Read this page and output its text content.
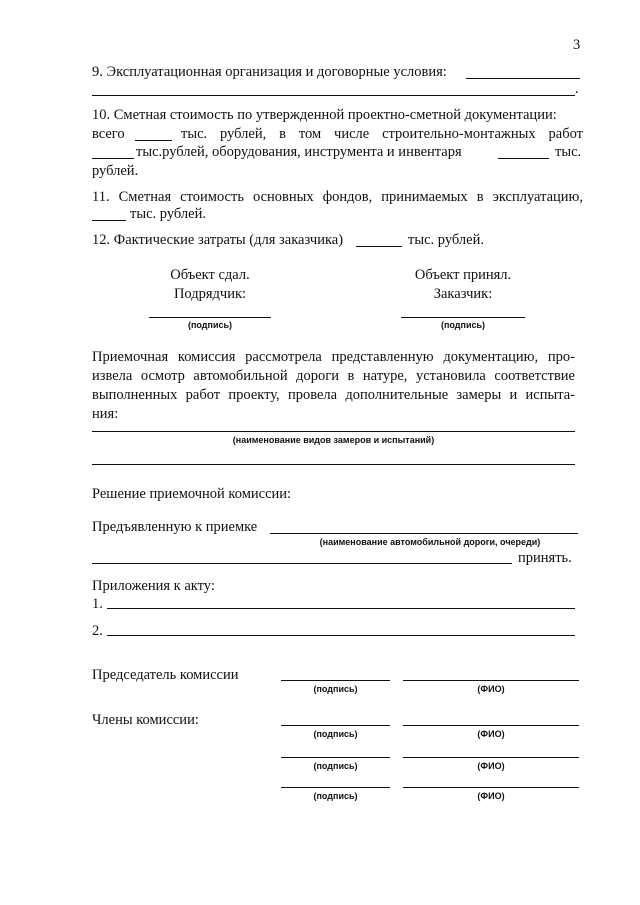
3
9. Эксплуатационная организация и договорные условия:
.
10. Сметная стоимость по утвержденной проектно-сметной документации:
всего	тыс. рублей, в том числе строительно-монтажных работ
тыс.рублей, оборудования, инструмента и инвентаря	тыс.
рублей.
11. Сметная стоимость основных фондов, принимаемых в эксплуатацию,
тыс. рублей.
12. Фактические затраты (для заказчика)	тыс. рублей.
Объект сдал.
Подрядчик:
(подпись)
Объект принял.
Заказчик:
(подпись)
Приемочная комиссия рассмотрела представленную документацию, про-
извела осмотр автомобильной дороги в натуре, установила соответствие
выполненных работ проекту, провела дополнительные замеры и испыта-
ния:
(наименование видов замеров и испытаний)
Решение приемочной комиссии:
Предъявленную к приемке
(наименование автомобильной дороги, очереди)
принять.
Приложения к акту:
1.
2.
Председатель комиссии
(подпись)	(ФИО)
Члены комиссии:
(подпись)	(ФИО)
(подпись)	(ФИО)
(подпись)	(ФИО)
